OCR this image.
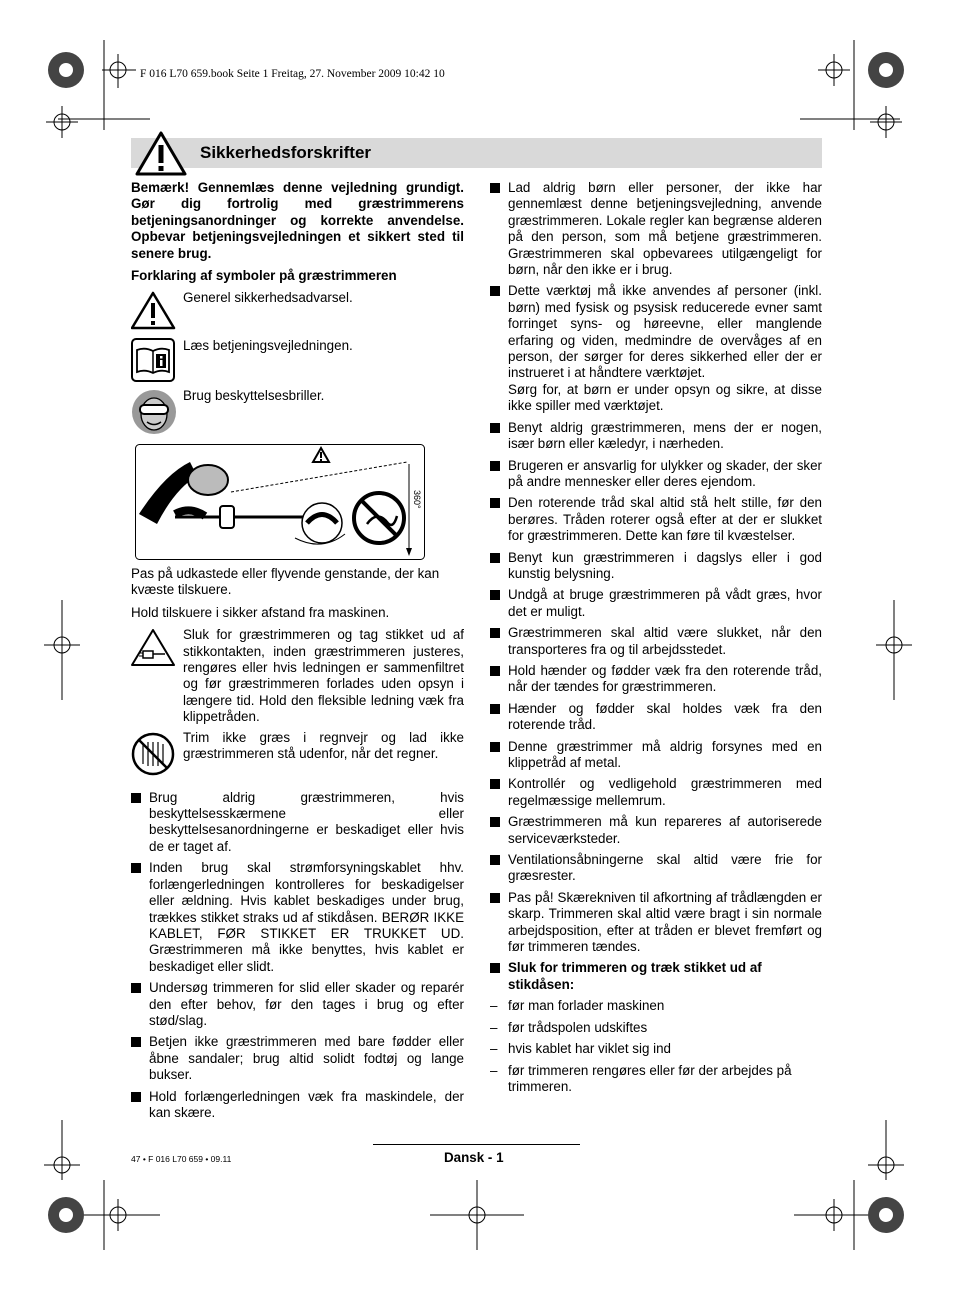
F 016 L70 659.book Seite 1 Freitag, 27. November 2009 10:42 10
Sikkerhedsforskrifter

Bemærk! Gennemlæs denne vejledning grundigt. Gør dig fortrolig med græstrimmerens betjeningsanordninger og korrekte anvendelse. Opbevar betjeningsvejledningen et sikkert sted til senere brug.

Forklaring af symboler på græstrimmeren

Generel sikkerhedsadvarsel.
Læs betjeningsvejledningen.
Brug beskyttelsesbriller.
360°

Pas på udkastede eller flyvende genstande, der kan kvæste tilskuere.

Hold tilskuere i sikker afstand fra maskinen.

Sluk for græstrimmeren og tag stikket ud af stikkontakten, inden græstrimmeren justeres, rengøres eller hvis ledningen er sammenfiltret og før græstrimmeren forlades uden opsyn i længere tid. Hold den fleksible ledning væk fra klippetråden.
Trim ikke græs i regnvejr og lad ikke græstrimmeren stå udenfor, når det regner.
Brug aldrig græstrimmeren, hvis beskyttelsesskærmene eller beskyttelsesanordningerne er beskadiget eller hvis de er taget af.
Inden brug skal strømforsyningskablet hhv. forlængerledningen kontrolleres for beskadigelser eller ældning. Hvis kablet beskadiges under brug, trækkes stikket straks ud af stikdåsen. BERØR IKKE KABLET, FØR STIKKET ER TRUKKET UD. Græstrimmeren må ikke benyttes, hvis kablet er beskadiget eller slidt.
Undersøg trimmeren for slid eller skader og reparér den efter behov, før den tages i brug og efter stød/slag.
Betjen ikke græstrimmeren med bare fødder eller åbne sandaler; brug altid solidt fodtøj og lange bukser.
Hold forlængerledningen væk fra maskindele, der kan skære.
Lad aldrig børn eller personer, der ikke har gennemlæst denne betjeningsvejledning, anvende græstrimmeren. Lokale regler kan begrænse alderen på den person, som må betjene græstrimmeren. Græstrimmeren skal opbevarees utilgængeligt for børn, når den ikke er i brug.
Dette værktøj må ikke anvendes af personer (inkl. børn) med fysisk og psysisk reducerede evner samt forringet syns- og høreevne, eller manglende erfaring og viden, medmindre de overvåges af en person, der sørger for deres sikkerhed eller der er instrueret i at håndtere værktøjet.
Sørg for, at børn er under opsyn og sikre, at disse ikke spiller med værktøjet.
Benyt aldrig græstrimmeren, mens der er nogen, især børn eller kæledyr, i nærheden.
Brugeren er ansvarlig for ulykker og skader, der sker på andre mennesker eller deres ejendom.
Den roterende tråd skal altid stå helt stille, før den berøres. Tråden roterer også efter at der er slukket for græstrimmeren. Dette kan føre til kvæstelser.
Benyt kun græstrimmeren i dagslys eller i god kunstig belysning.
Undgå at bruge græstrimmeren på vådt græs, hvor det er muligt.
Græstrimmeren skal altid være slukket, når den transporteres fra og til arbejdsstedet.
Hold hænder og fødder væk fra den roterende tråd, når der tændes for græstrimmeren.
Hænder og fødder skal holdes væk fra den roterende tråd.
Denne græstrimmer må aldrig forsynes med en klippetråd af metal.
Kontrollér og vedligehold græstrimmeren med regelmæssige mellemrum.
Græstrimmeren må kun repareres af autoriserede serviceværksteder.
Ventilationsåbningerne skal altid være frie for græsrester.
Pas på! Skærekniven til afkortning af trådlængden er skarp. Trimmeren skal altid være bragt i sin normale arbejdsposition, efter at tråden er blevet fremført og før trimmeren tændes.
Sluk for trimmeren og træk stikket ud af stikdåsen:
– før man forlader maskinen
– før trådspolen udskiftes
– hvis kablet har viklet sig ind
– før trimmeren rengøres eller før der arbejdes på trimmeren.
47 • F 016 L70 659 • 09.11	Dansk - 1
